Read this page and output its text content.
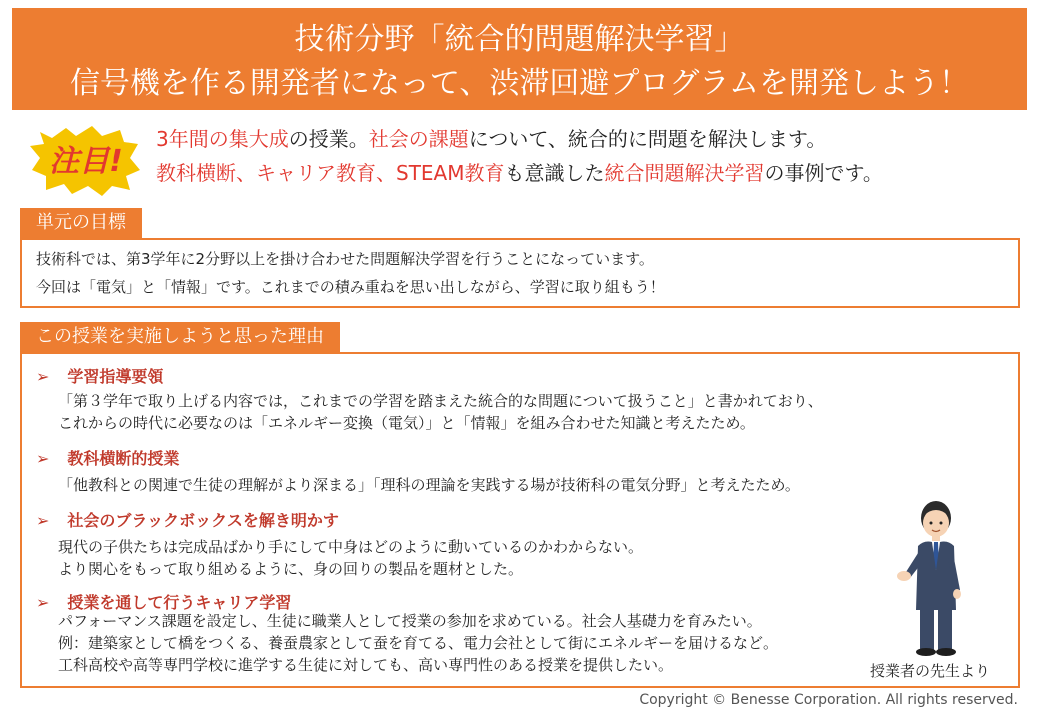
技術分野「統合的問題解決学習」
信号機を作る開発者になって、渋滞回避プログラムを開発しよう！
注目!
3年間の集大成の授業。社会の課題について、統合的に問題を解決します。
教科横断、キャリア教育、STEAM教育も意識した統合問題解決学習の事例です。
単元の目標
技術科では、第3学年に2分野以上を掛け合わせた問題解決学習を行うことになっています。
今回は「電気」と「情報」です。これまでの積み重ねを思い出しながら、学習に取り組もう！
この授業を実施しようと思った理由
➢ 学習指導要領
「第３学年で取り上げる内容では，これまでの学習を踏まえた統合的な問題について扱うこと」と書かれており、
これからの時代に必要なのは「エネルギー変換（電気）」と「情報」を組み合わせた知識と考えたため。
➢ 教科横断的授業
「他教科との関連で生徒の理解がより深まる」「理科の理論を実践する場が技術科の電気分野」と考えたため。
➢ 社会のブラックボックスを解き明かす
現代の子供たちは完成品ばかり手にして中身はどのように動いているのかわからない。
より関心をもって取り組めるように、身の回りの製品を題材とした。
➢ 授業を通して行うキャリア学習
パフォーマンス課題を設定し、生徒に職業人として授業の参加を求めている。社会人基礎力を育みたい。
例：建築家として橋をつくる、養蚕農家として蚕を育てる、電力会社として街にエネルギーを届けるなど。
工科高校や高等専門学校に進学する生徒に対しても、高い専門性のある授業を提供したい。	授業者の先生より
Copyright © Benesse Corporation. All rights reserved.
